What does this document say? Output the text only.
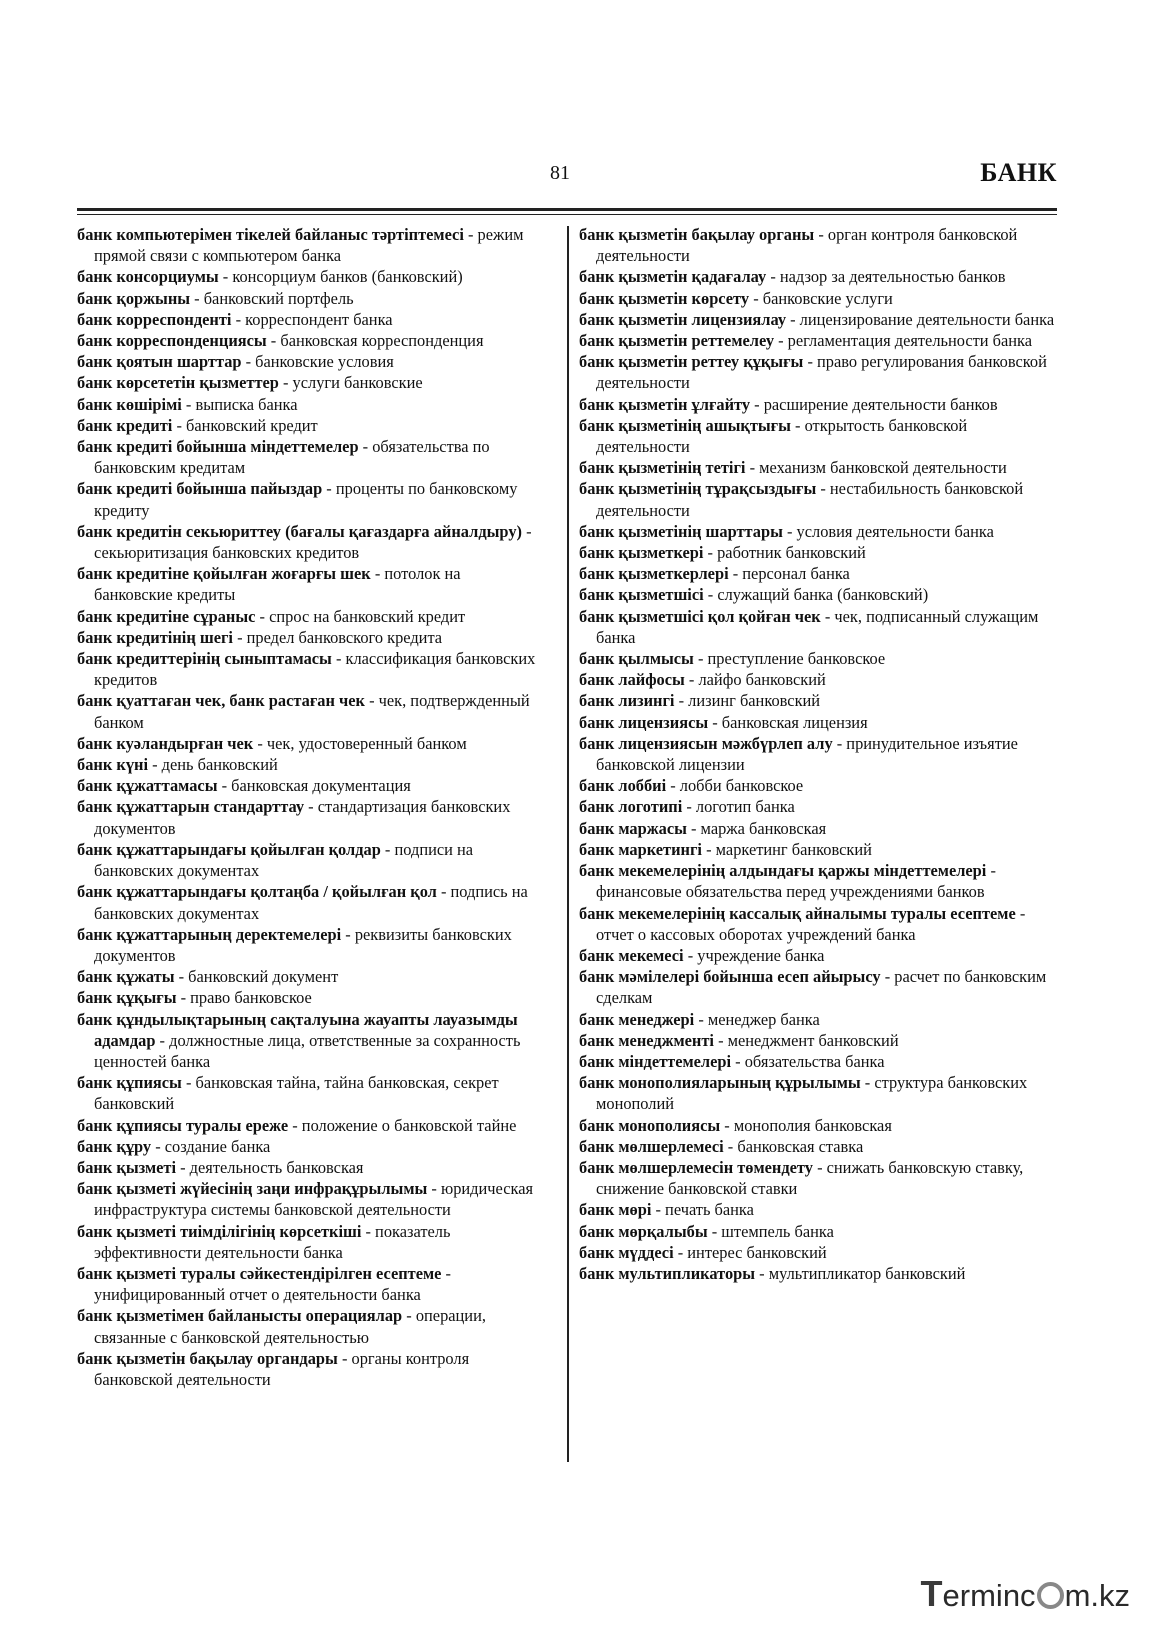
81	БАНК

банк компьютерімен тікелей байланыс тәртіптемесі - режим прямой связи с компьютером банка

банк консорциумы - консорциум банков (банковский)

банк қоржыны - банковский портфель

банк корреспонденті - корреспондент банка

банк корреспонденциясы - банковская корреспонденция

банк қоятын шарттар - банковские условия

банк көрсететін қызметтер - услуги банковские

банк көшірімі - выписка банка

банк кредиті - банковский кредит

банк кредиті бойынша міндеттемелер - обязательства по банковским кредитам

банк кредиті бойынша пайыздар - проценты по банковскому кредиту

банк кредитін секьюриттеу (бағалы қағаздарға айналдыру) - секьюритизация банковских кредитов

банк кредитіне қойылған жоғарғы шек - потолок на банковские кредиты

банк кредитіне сұраныс - спрос на банковский кредит

банк кредитінің шегі - предел банковского кредита

банк кредиттерінің сыныптамасы - классификация банковских кредитов

банк қуаттаған чек, банк растаған чек - чек, подтвержденный банком

банк куәландырған чек - чек, удостоверенный банком

банк күні - день банковский

банк құжаттамасы - банковская документация

банк құжаттарын стандарттау - стандартизация банковских документов

банк құжаттарындағы қойылған қолдар - подписи на банковских документах

банк құжаттарындағы қолтаңба / қойылған қол - подпись на банковских документах

банк құжаттарының деректемелері - реквизиты банковских документов

банк құжаты - банковский документ

банк құқығы - право банковское

банк құндылықтарының сақталуына жауапты лауазымды адамдар - должностные лица, ответственные за сохранность ценностей банка

банк құпиясы - банковская тайна, тайна банковская, секрет банковский

банк құпиясы туралы ереже - положение о банковской тайне

банк құру - создание банка

банк қызметі - деятельность банковская

банк қызметі жүйесінің заңи инфрақұрылымы - юридическая инфраструктура системы банковской деятельности

банк қызметі тиімділігінің көрсеткіші - показатель эффективности деятельности банка

банк қызметі туралы сәйкестендірілген есептеме - унифицированный отчет о деятельности банка

банк қызметімен байланысты операциялар - операции, связанные с банковской деятельностью

банк қызметін бақылау органдары - органы контроля банковской деятельности

банк қызметін бақылау органы - орган контроля банковской деятельности

банк қызметін қадағалау - надзор за деятельностью банков

банк қызметін көрсету - банковские услуги

банк қызметін лицензиялау - лицензирование деятельности банка

банк қызметін реттемелеу - регламентация деятельности банка

банк қызметін реттеу құқығы - право регулирования банковской деятельности

банк қызметін ұлғайту - расширение деятельности банков

банк қызметінің ашықтығы - открытость банковской деятельности

банк қызметінің тетігі - механизм банковской деятельности

банк қызметінің тұрақсыздығы - нестабильность банковской деятельности

банк қызметінің шарттары - условия деятельности банка

банк қызметкері - работник банковский

банк қызметкерлері - персонал банка

банк қызметшісі - служащий банка (банковский)

банк қызметшісі қол қойған чек - чек, подписанный служащим банка

банк қылмысы - преступление банковское

банк лайфосы - лайфо банковский

банк лизингі - лизинг банковский

банк лицензиясы - банковская лицензия

банк лицензиясын мәжбүрлеп алу - принудительное изъятие банковской лицензии

банк лоббиі - лобби банковское

банк логотипі - логотип банка

банк маржасы - маржа банковская

банк маркетингі - маркетинг банковский

банк мекемелерінің алдындағы қаржы міндеттемелері - финансовые обязательства перед учреждениями банков

банк мекемелерінің кассалық айналымы туралы есептеме - отчет о кассовых оборотах учреждений банка

банк мекемесі - учреждение банка

банк мәмілелері бойынша есеп айырысу - расчет по банковским сделкам

банк менеджері - менеджер банка

банк менеджменті - менеджмент банковский

банк міндеттемелері - обязательства банка

банк монополияларының құрылымы - структура банковских монополий

банк монополиясы - монополия банковская

банк мөлшерлемесі - банковская ставка

банк мөлшерлемесін төмендету - снижать банковскую ставку, снижение банковской ставки

банк мөрі - печать банка

банк мөрқалыбы - штемпель банка

банк мүддесі - интерес банковский

банк мультипликаторы - мультипликатор банковский

T erminc m.kz
